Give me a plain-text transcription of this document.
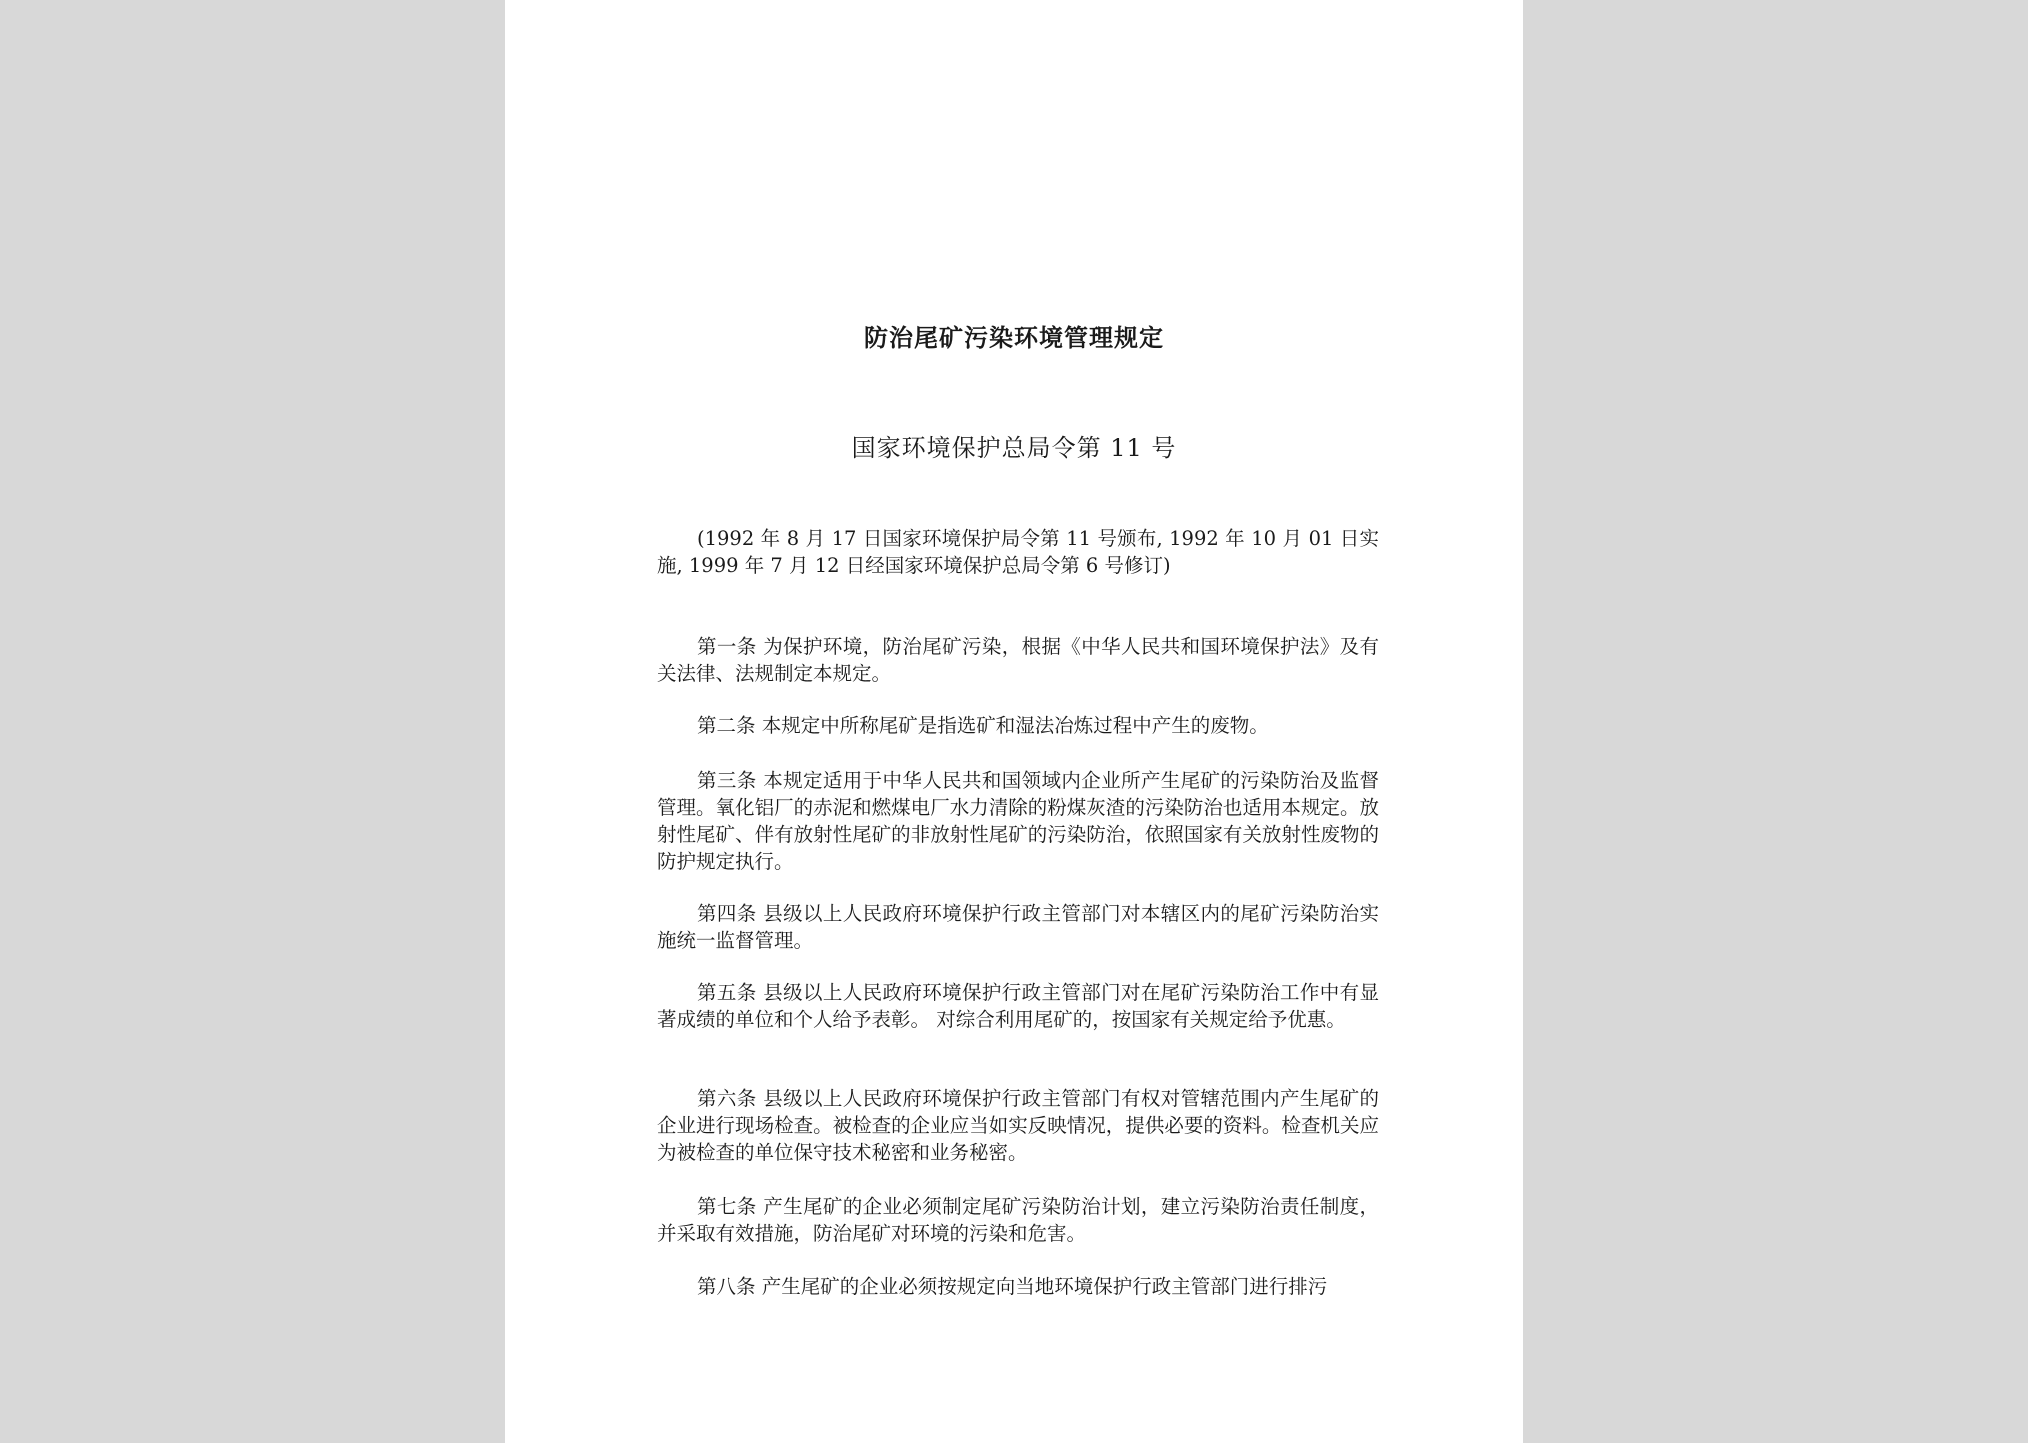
防治尾矿污染环境管理规定
国家环境保护总局令第 11 号
(1992 年 8 月 17 日国家环境保护局令第 11 号颁布, 1992 年 10 月 01 日实施, 1999 年 7 月 12 日经国家环境保护总局令第 6 号修订)
第一条 为保护环境，防治尾矿污染，根据《中华人民共和国环境保护法》及有关法律、法规制定本规定。
第二条 本规定中所称尾矿是指选矿和湿法冶炼过程中产生的废物。
第三条 本规定适用于中华人民共和国领域内企业所产生尾矿的污染防治及监督管理。氧化铝厂的赤泥和燃煤电厂水力清除的粉煤灰渣的污染防治也适用本规定。放射性尾矿、伴有放射性尾矿的非放射性尾矿的污染防治，依照国家有关放射性废物的防护规定执行。
第四条 县级以上人民政府环境保护行政主管部门对本辖区内的尾矿污染防治实施统一监督管理。
第五条 县级以上人民政府环境保护行政主管部门对在尾矿污染防治工作中有显著成绩的单位和个人给予表彰。 对综合利用尾矿的，按国家有关规定给予优惠。
第六条 县级以上人民政府环境保护行政主管部门有权对管辖范围内产生尾矿的企业进行现场检查。被检查的企业应当如实反映情况，提供必要的资料。检查机关应为被检查的单位保守技术秘密和业务秘密。
第七条 产生尾矿的企业必须制定尾矿污染防治计划，建立污染防治责任制度，并采取有效措施，防治尾矿对环境的污染和危害。
第八条 产生尾矿的企业必须按规定向当地环境保护行政主管部门进行排污
